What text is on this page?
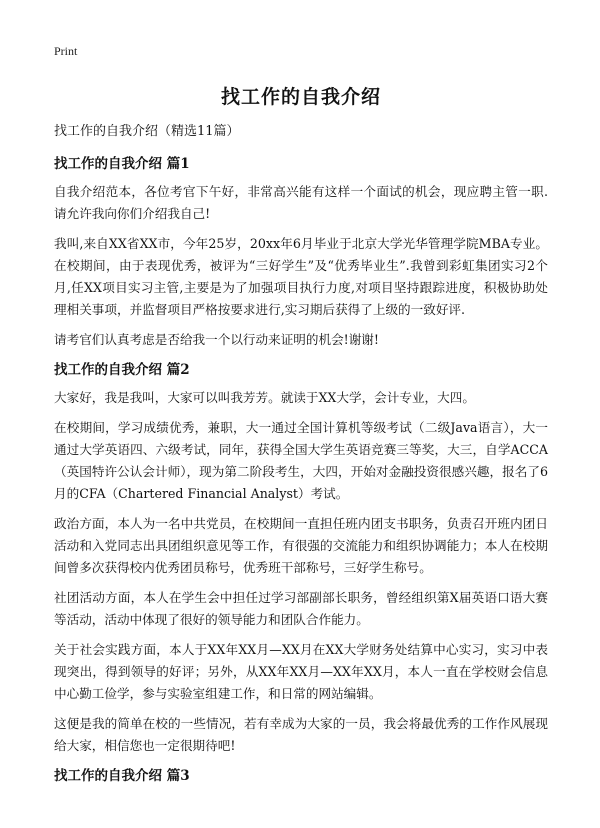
Print
找工作的自我介绍
找工作的自我介绍（精选11篇）
找工作的自我介绍 篇1

自我介绍范本，各位考官下午好，非常高兴能有这样一个面试的机会，现应聘主管一职.请允许我向你们介绍我自己!

我叫,来自XX省XX市，今年25岁，20xx年6月毕业于北京大学光华管理学院MBA专业。在校期间，由于表现优秀，被评为“三好学生”及“优秀毕业生”.我曾到彩虹集团实习2个月,任XX项目实习主管,主要是为了加强项目执行力度,对项目坚持跟踪进度，积极协助处理相关事项，并监督项目严格按要求进行,实习期后获得了上级的一致好评.

请考官们认真考虑是否给我一个以行动来证明的机会!谢谢!

找工作的自我介绍 篇2

大家好，我是我叫，大家可以叫我芳芳。就读于XX大学，会计专业，大四。

在校期间，学习成绩优秀，兼职，大一通过全国计算机等级考试（二级Java语言），大一通过大学英语四、六级考试，同年，获得全国大学生英语竞赛三等奖，大三，自学ACCA（英国特许公认会计师），现为第二阶段考生，大四，开始对金融投资很感兴趣，报名了6月的CFA（Chartered Financial Analyst）考试。

政治方面，本人为一名中共党员，在校期间一直担任班内团支书职务，负责召开班内团日活动和入党同志出具团组织意见等工作，有很强的交流能力和组织协调能力；本人在校期间曾多次获得校内优秀团员称号，优秀班干部称号，三好学生称号。

社团活动方面，本人在学生会中担任过学习部副部长职务，曾经组织第X届英语口语大赛等活动，活动中体现了很好的领导能力和团队合作能力。

关于社会实践方面，本人于XX年XX月—XX月在XX大学财务处结算中心实习，实习中表现突出，得到领导的好评；另外，从XX年XX月—XX年XX月，本人一直在学校财会信息中心勤工俭学，参与实验室组建工作，和日常的网站编辑。

这便是我的简单在校的一些情况，若有幸成为大家的一员，我会将最优秀的工作作风展现给大家，相信您也一定很期待吧!

找工作的自我介绍 篇3
